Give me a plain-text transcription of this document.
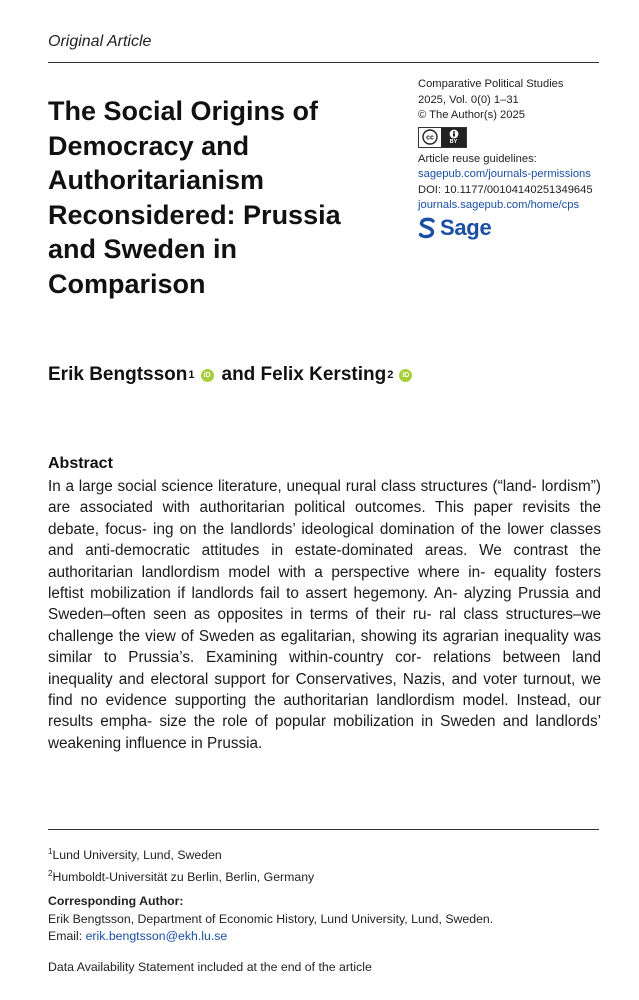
Original Article
The Social Origins of
Democracy and
Authoritarianism
Reconsidered: Prussia
and Sweden in
Comparison
Comparative Political Studies
2025, Vol. 0(0) 1–31
© The Author(s) 2025
cc
BY
Article reuse guidelines:
sagepub.com/journals-permissions
DOI: 10.1177/00104140251349645
journals.sagepub.com/home/cps
Sage
Erik Bengtsson 1	iD and Felix Kersting 2	iD
Abstract

In a large social science literature, unequal rural class structures (“land- lordism”) are associated with authoritarian political outcomes. This paper revisits the debate, focus- ing on the landlords’ ideological domination of the lower classes and anti-democratic attitudes in estate-dominated areas. We contrast the authoritarian landlordism model with a perspective where in- equality fosters leftist mobilization if landlords fail to assert hegemony. An- alyzing Prussia and Sweden–often seen as opposites in terms of their ru- ral class structures–we challenge the view of Sweden as egalitarian, showing its agrarian inequality was similar to Prussia’s. Examining within-country cor- relations between land inequality and electoral support for Conservatives, Nazis, and voter turnout, we find no evidence supporting the authoritarian landlordism model. Instead, our results empha- size the role of popular mobilization in Sweden and landlords’ weakening influence in Prussia.

$^1$Lund University, Lund, Sweden
$^2$Humboldt-Universität zu Berlin, Berlin, Germany
Corresponding Author:
Erik Bengtsson, Department of Economic History, Lund University, Lund, Sweden.
Email: erik.bengtsson@ekh.lu.se
Data Availability Statement included at the end of the article
